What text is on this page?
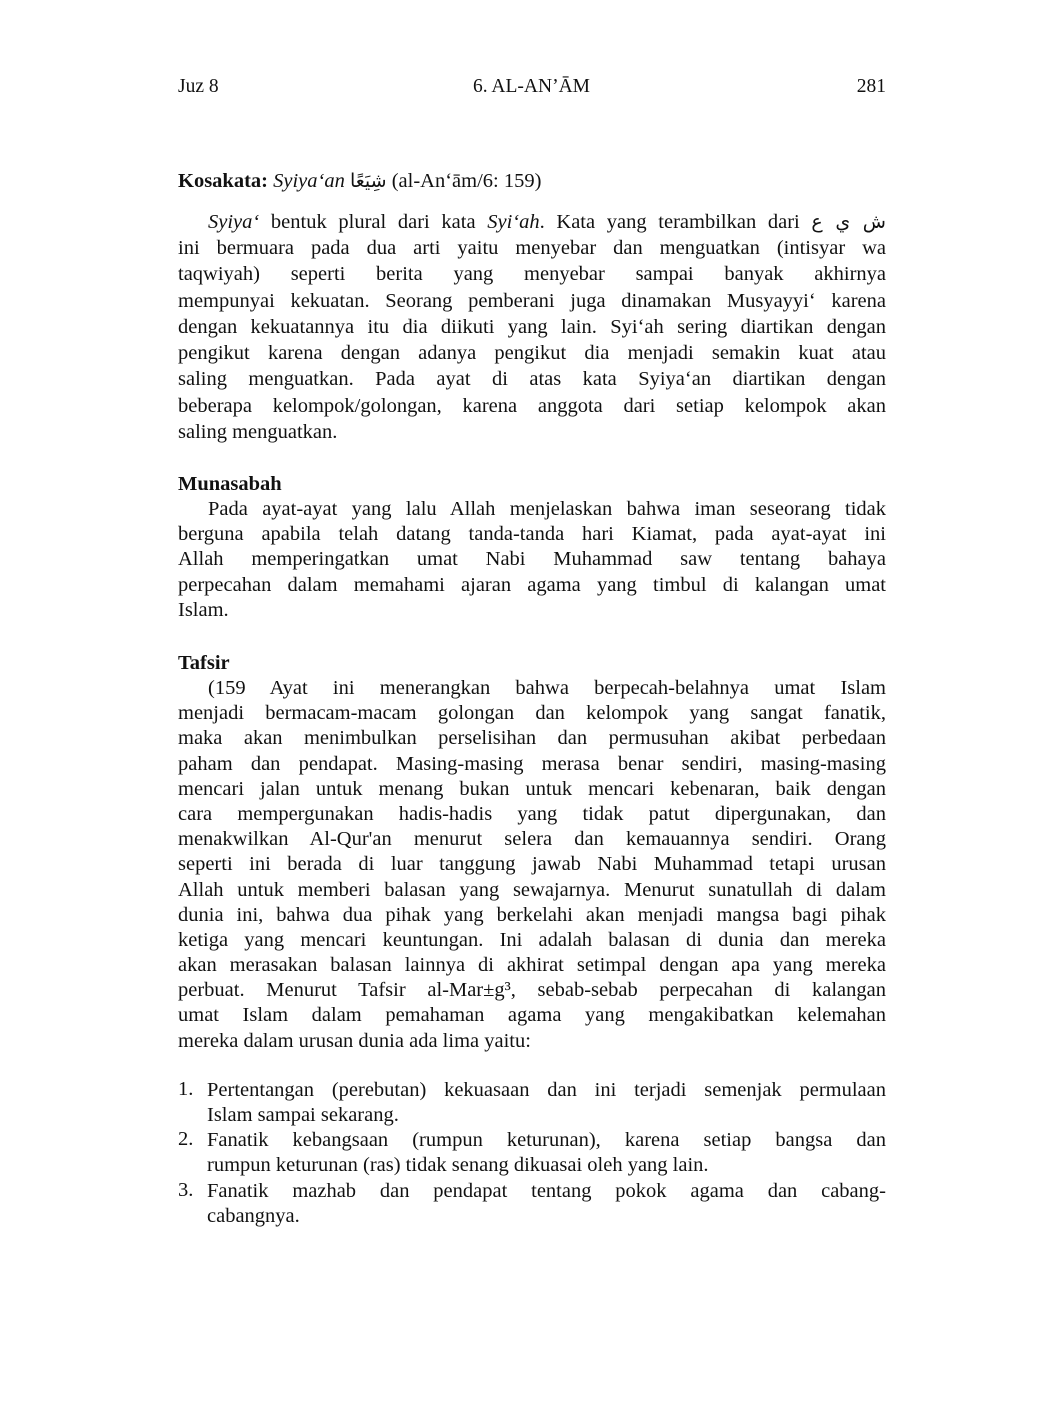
Juz 8	6. AL-AN’ĀM	281
Kosakata: Syiya‘an شِيَعًا (al-An‘ām/6: 159)
Syiya‘ bentuk plural dari kata Syi‘ah. Kata yang terambilkan dari ش ي ع
ini bermuara pada dua arti yaitu menyebar dan menguatkan (intisyar wa
taqwiyah) seperti berita yang menyebar sampai banyak akhirnya
mempunyai kekuatan. Seorang pemberani juga dinamakan Musyayyi‘ karena
dengan kekuatannya itu dia diikuti yang lain. Syi‘ah sering diartikan dengan
pengikut karena dengan adanya pengikut dia menjadi semakin kuat atau
saling menguatkan. Pada ayat di atas kata Syiya‘an diartikan dengan
beberapa kelompok/golongan, karena anggota dari setiap kelompok akan
saling menguatkan.
Munasabah
Pada ayat-ayat yang lalu Allah menjelaskan bahwa iman seseorang tidak
berguna apabila telah datang tanda-tanda hari Kiamat, pada ayat-ayat ini
Allah memperingatkan umat Nabi Muhammad saw tentang bahaya
perpecahan dalam memahami ajaran agama yang timbul di kalangan umat
Islam.
Tafsir
(159 Ayat ini menerangkan bahwa berpecah-belahnya umat Islam
menjadi bermacam-macam golongan dan kelompok yang sangat fanatik,
maka akan menimbulkan perselisihan dan permusuhan akibat perbedaan
paham dan pendapat. Masing-masing merasa benar sendiri, masing-masing
mencari jalan untuk menang bukan untuk mencari kebenaran, baik dengan
cara mempergunakan hadis-hadis yang tidak patut dipergunakan, dan
menakwilkan Al-Qur'an menurut selera dan kemauannya sendiri. Orang
seperti ini berada di luar tanggung jawab Nabi Muhammad tetapi urusan
Allah untuk memberi balasan yang sewajarnya. Menurut sunatullah di dalam
dunia ini, bahwa dua pihak yang berkelahi akan menjadi mangsa bagi pihak
ketiga yang mencari keuntungan. Ini adalah balasan di dunia dan mereka
akan merasakan balasan lainnya di akhirat setimpal dengan apa yang mereka
perbuat. Menurut Tafsir al-Mar±g³, sebab-sebab perpecahan di kalangan
umat Islam dalam pemahaman agama yang mengakibatkan kelemahan
mereka dalam urusan dunia ada lima yaitu:
1. Pertentangan (perebutan) kekuasaan dan ini terjadi semenjak permulaan
Islam sampai sekarang.
2. Fanatik kebangsaan (rumpun keturunan), karena setiap bangsa dan
rumpun keturunan (ras) tidak senang dikuasai oleh yang lain.
3. Fanatik mazhab dan pendapat tentang pokok agama dan cabang-
cabangnya.
